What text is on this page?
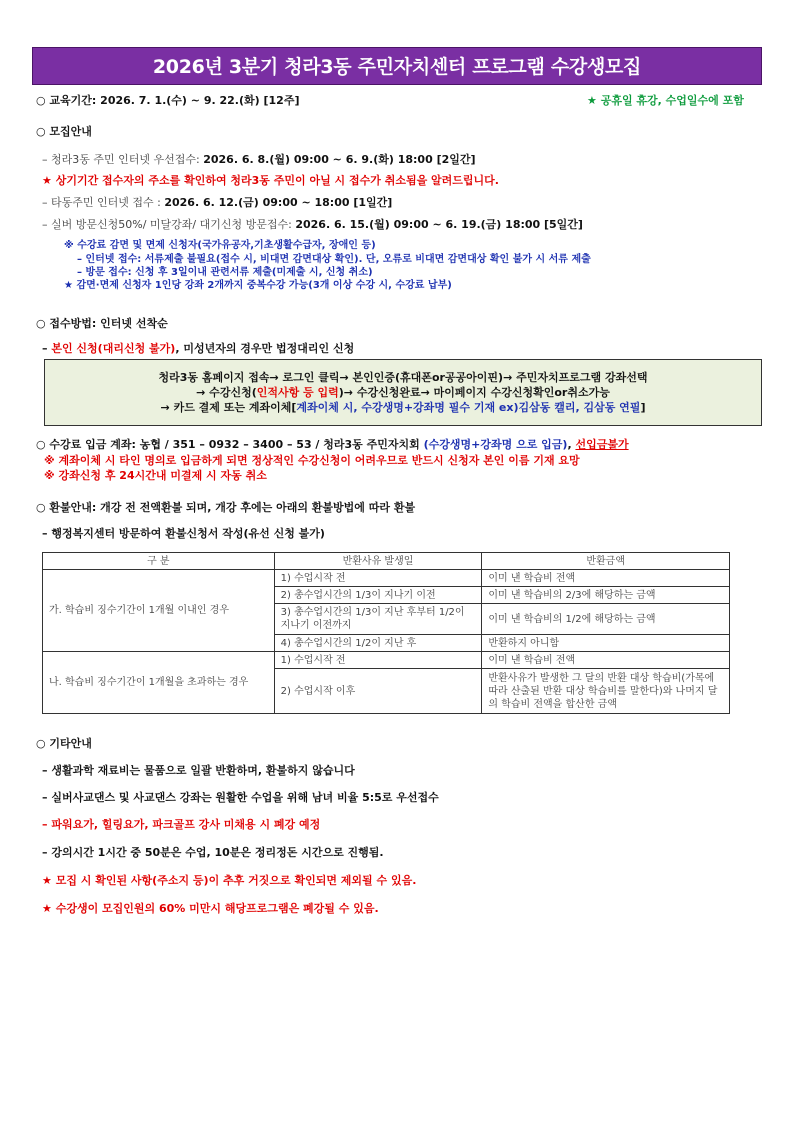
2026년 3분기 청라3동 주민자치센터 프로그램 수강생모집
○ 교육기간: 2026. 7. 1.(수) ~ 9. 22.(화) [12주]	★ 공휴일 휴강, 수업일수에 포함
○ 모집안내
– 청라3동 주민 인터넷 우선접수: 2026. 6. 8.(월) 09:00 ~ 6. 9.(화) 18:00 [2일간]
★ 상기기간 접수자의 주소를 확인하여 청라3동 주민이 아닐 시 접수가 취소됨을 알려드립니다.
– 타동주민 인터넷 접수 : 2026. 6. 12.(금) 09:00 ~ 18:00 [1일간]
– 실버 방문신청50%/ 미달강좌/ 대기신청 방문접수: 2026. 6. 15.(월) 09:00 ~ 6. 19.(금) 18:00 [5일간]
※ 수강료 감면 및 면제 신청자(국가유공자,기초생활수급자, 장애인 등)
– 인터넷 접수: 서류제출 불필요(접수 시, 비대면 감면대상 확인). 단, 오류로 비대면 감면대상 확인 불가 시 서류 제출
– 방문 접수: 신청 후 3일이내 관련서류 제출(미제출 시, 신청 취소)
★ 감면·면제 신청자 1인당 강좌 2개까지 중복수강 가능(3개 이상 수강 시, 수강료 납부)
○ 접수방법: 인터넷 선착순
– 본인 신청(대리신청 불가), 미성년자의 경우만 법정대리인 신청
청라3동 홈페이지 접속→ 로그인 클릭→ 본인인증(휴대폰or공공아이핀)→ 주민자치프로그램 강좌선택
→ 수강신청(인적사항 등 입력)→ 수강신청완료→ 마이페이지 수강신청확인or취소가능
→ 카드 결제 또는 계좌이체[계좌이체 시, 수강생명+강좌명 필수 기재 ex)김삼동 캘리, 김삼동 연필]
○ 수강료 입금 계좌: 농협 / 351 – 0932 – 3400 – 53 / 청라3동 주민자치회 (수강생명+강좌명 으로 입금), 선입금불가
※ 계좌이체 시 타인 명의로 입금하게 되면 정상적인 수강신청이 어려우므로 반드시 신청자 본인 이름 기재 요망
※ 강좌신청 후 24시간내 미결제 시 자동 취소
○ 환불안내: 개강 전 전액환불 되며, 개강 후에는 아래의 환불방법에 따라 환불
– 행정복지센터 방문하여 환불신청서 작성(유선 신청 불가)
구 분	반환사유 발생일	반환금액
가. 학습비 징수기간이 1개월 이내인 경우	1) 수업시작 전	이미 낸 학습비 전액
	2) 총수업시간의 1/3이 지나기 이전	이미 낸 학습비의 2/3에 해당하는 금액
	3) 총수업시간의 1/3이 지난 후부터 1/2이 지나기 이전까지	이미 낸 학습비의 1/2에 해당하는 금액
	4) 총수업시간의 1/2이 지난 후	반환하지 아니함
나. 학습비 징수기간이 1개월을 초과하는 경우	1) 수업시작 전	이미 낸 학습비 전액
	2) 수업시작 이후	반환사유가 발생한 그 달의 반환 대상 학습비(가목에 따라 산출된 반환 대상 학습비를 말한다)와 나머지 달의 학습비 전액을 합산한 금액
○ 기타안내
– 생활과학 재료비는 물품으로 일괄 반환하며, 환불하지 않습니다
– 실버사교댄스 및 사교댄스 강좌는 원활한 수업을 위해 남녀 비율 5:5로 우선접수
– 파워요가, 힐링요가, 파크골프 강사 미채용 시 폐강 예정
– 강의시간 1시간 중 50분은 수업, 10분은 정리정돈 시간으로 진행됨.
★ 모집 시 확인된 사항(주소지 등)이 추후 거짓으로 확인되면 제외될 수 있음.
★ 수강생이 모집인원의 60% 미만시 해당프로그램은 폐강될 수 있음.
